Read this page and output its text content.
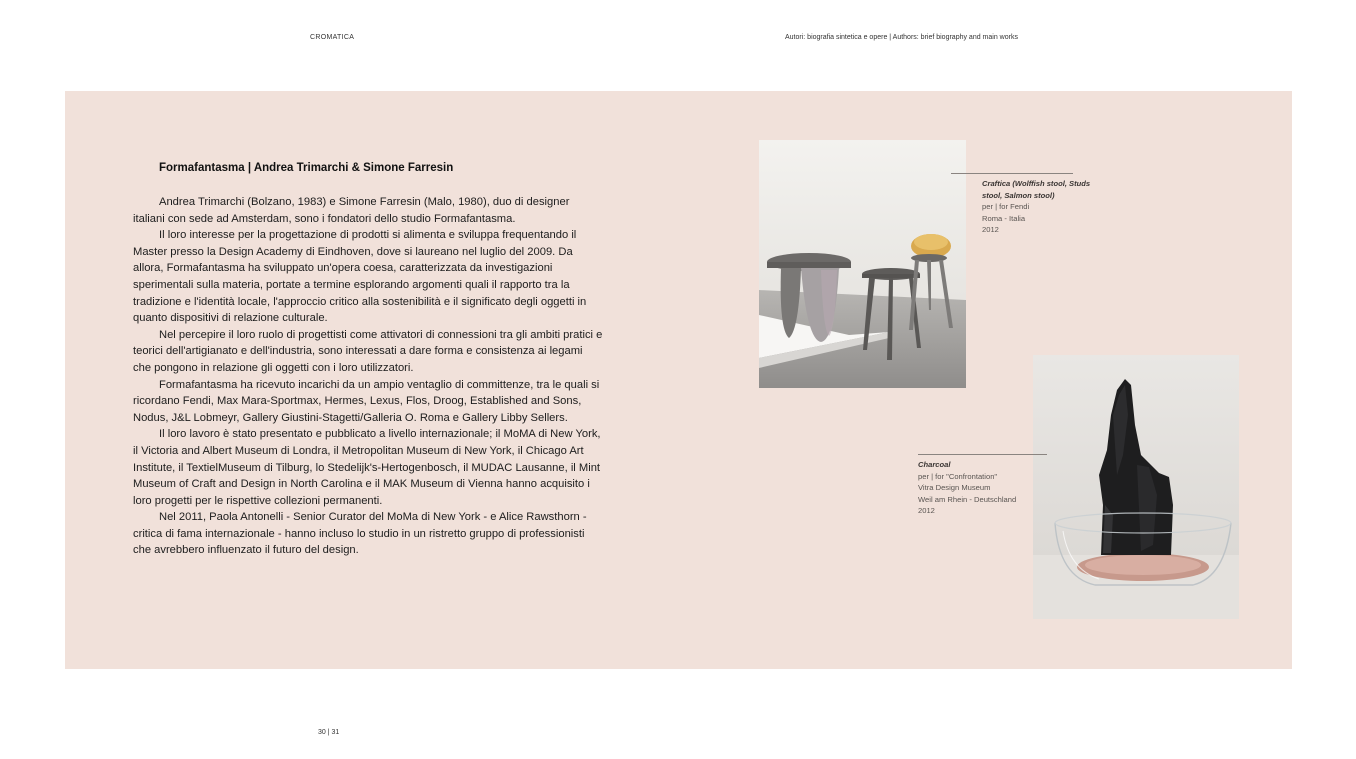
CROMATICA	Autori: biografia sintetica e opere | Authors: brief biography and main works
Formafantasma | Andrea Trimarchi & Simone Farresin

Andrea Trimarchi (Bolzano, 1983) e Simone Farresin (Malo, 1980), duo di designer italiani con sede ad Amsterdam, sono i fondatori dello studio Formafantasma.

Il loro interesse per la progettazione di prodotti si alimenta e sviluppa frequentando il Master presso la Design Academy di Eindhoven, dove si laureano nel luglio del 2009. Da allora, Formafantasma ha sviluppato un'opera coesa, caratterizzata da investigazioni sperimentali sulla materia, portate a termine esplorando argomenti quali il rapporto tra la tradizione e l'identità locale, l'approccio critico alla sostenibilità e il significato degli oggetti in quanto dispositivi di relazione culturale.

Nel percepire il loro ruolo di progettisti come attivatori di connessioni tra gli ambiti pratici e teorici dell'artigianato e dell'industria, sono interessati a dare forma e consistenza ai legami che pongono in relazione gli oggetti con i loro utilizzatori.

Formafantasma ha ricevuto incarichi da un ampio ventaglio di committenze, tra le quali si ricordano Fendi, Max Mara-Sportmax, Hermes, Lexus, Flos, Droog, Established and Sons, Nodus, J&L Lobmeyr, Gallery Giustini-Stagetti/Galleria O. Roma e Gallery Libby Sellers.

Il loro lavoro è stato presentato e pubblicato a livello internazionale; il MoMA di New York, il Victoria and Albert Museum di Londra, il Metropolitan Museum di New York, il Chicago Art Institute, il TextielMuseum di Tilburg, lo Stedelijk's-Hertogenbosch, il MUDAC Lausanne, il Mint Museum of Craft and Design in North Carolina e il MAK Museum di Vienna hanno acquisito i loro progetti per le rispettive collezioni permanenti.

Nel 2011, Paola Antonelli - Senior Curator del MoMa di New York - e Alice Rawsthorn - critica di fama internazionale - hanno incluso lo studio in un ristretto gruppo di professionisti che avrebbero influenzato il futuro del design.

Craftica (Wolffish stool, Studs stool, Salmon stool)
per | for Fendi
Roma - Italia
2012
Charcoal
per | for "Confrontation"
Vitra Design Museum
Weil am Rhein - Deutschland
2012
30 | 31
